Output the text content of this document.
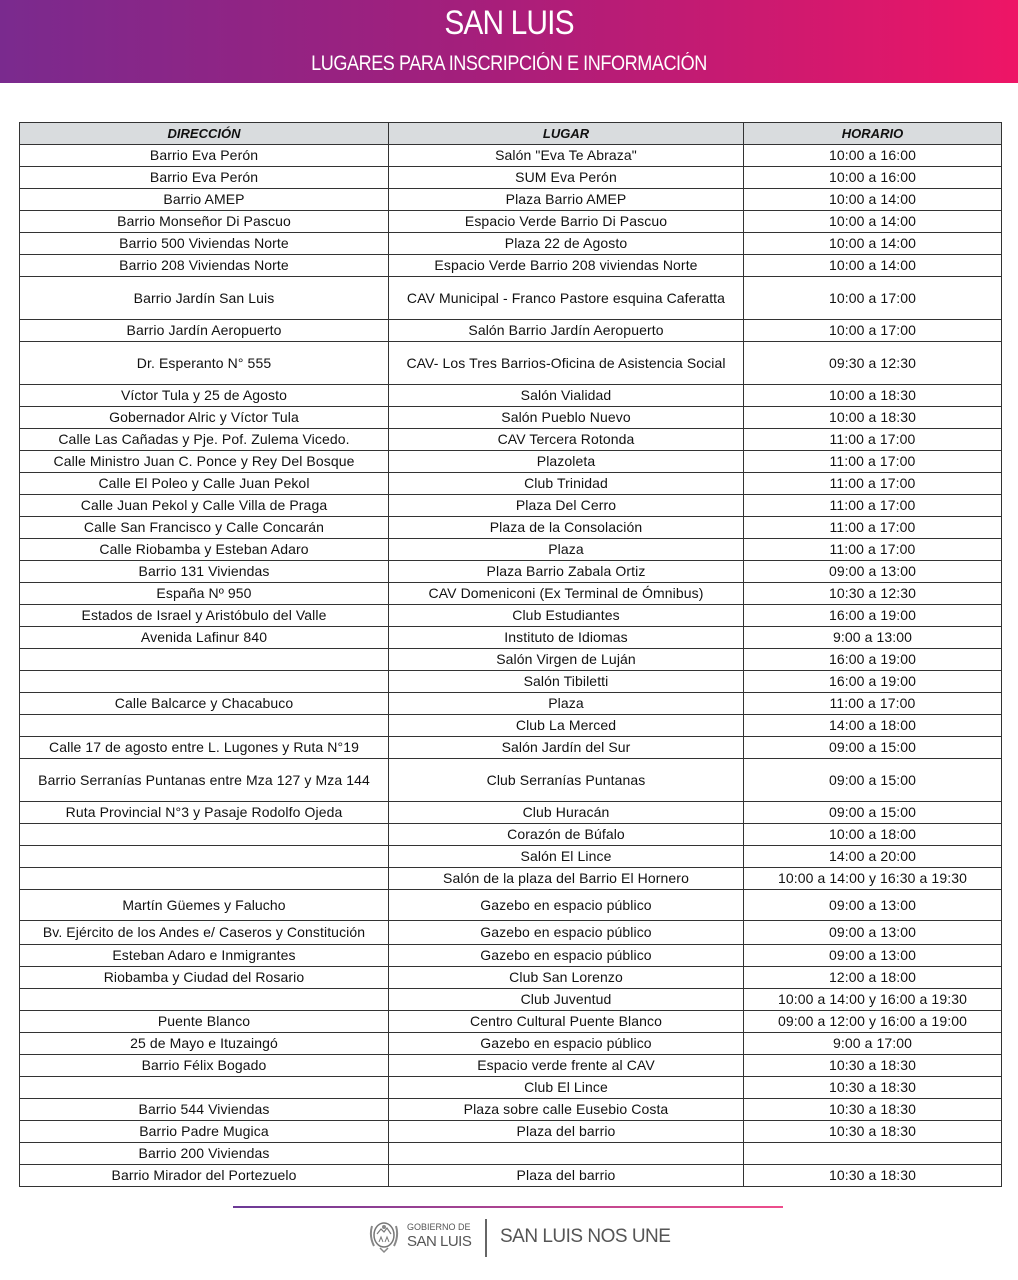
SAN LUIS
LUGARES PARA INSCRIPCIÓN E INFORMACIÓN
DIRECCIÓN	LUGAR	HORARIO
Barrio Eva Perón	Salón "Eva Te Abraza"	10:00 a 16:00
Barrio Eva Perón	SUM Eva Perón	10:00 a 16:00
Barrio AMEP	Plaza Barrio AMEP	10:00 a 14:00
Barrio Monseñor Di Pascuo	Espacio Verde Barrio Di Pascuo	10:00 a 14:00
Barrio 500 Viviendas Norte	Plaza 22 de Agosto	10:00 a 14:00
Barrio 208 Viviendas Norte	Espacio Verde Barrio 208 viviendas Norte	10:00 a 14:00
Barrio Jardín San Luis	CAV Municipal - Franco Pastore esquina Caferatta	10:00 a 17:00
Barrio Jardín Aeropuerto	Salón Barrio Jardín Aeropuerto	10:00 a 17:00
Dr. Esperanto N° 555	CAV- Los Tres Barrios-Oficina de Asistencia Social	09:30 a 12:30
Víctor Tula y 25 de Agosto	Salón Vialidad	10:00 a 18:30
Gobernador Alric y Víctor Tula	Salón Pueblo Nuevo	10:00 a 18:30
Calle Las Cañadas y Pje. Pof. Zulema Vicedo.	CAV Tercera Rotonda	11:00 a 17:00
Calle Ministro Juan C. Ponce y Rey Del Bosque	Plazoleta	11:00 a 17:00
Calle El Poleo y Calle Juan Pekol	Club Trinidad	11:00 a 17:00
Calle Juan Pekol y Calle Villa de Praga	Plaza Del Cerro	11:00 a 17:00
Calle San Francisco y Calle Concarán	Plaza de la Consolación	11:00 a 17:00
Calle Riobamba y Esteban Adaro	Plaza	11:00 a 17:00
Barrio 131 Viviendas	Plaza Barrio Zabala Ortiz	09:00 a 13:00
España Nº 950	CAV Domeniconi (Ex Terminal de Ómnibus)	10:30 a 12:30
Estados de Israel y Aristóbulo del Valle	Club Estudiantes	16:00 a 19:00
Avenida Lafinur 840	Instituto de Idiomas	9:00 a 13:00
	Salón Virgen de Luján	16:00 a 19:00
	Salón Tibiletti	16:00 a 19:00
Calle Balcarce y Chacabuco	Plaza	11:00 a 17:00
	Club La Merced	14:00 a 18:00
Calle 17 de agosto entre L. Lugones y Ruta N°19	Salón Jardín del Sur	09:00 a 15:00
Barrio Serranías Puntanas entre Mza 127 y Mza 144	Club Serranías Puntanas	09:00 a 15:00
Ruta Provincial N°3 y Pasaje Rodolfo Ojeda	Club Huracán	09:00 a 15:00
	Corazón de Búfalo	10:00 a 18:00
	Salón El Lince	14:00 a 20:00
	Salón de la plaza del Barrio El Hornero	10:00 a 14:00 y 16:30 a 19:30
Martín Güemes y Falucho	Gazebo en espacio público	09:00 a 13:00
Bv. Ejército de los Andes e/ Caseros y Constitución	Gazebo en espacio público	09:00 a 13:00
Esteban Adaro e Inmigrantes	Gazebo en espacio público	09:00 a 13:00
Riobamba y Ciudad del Rosario	Club San Lorenzo	12:00 a 18:00
	Club Juventud	10:00 a 14:00 y 16:00 a 19:30
Puente Blanco	Centro Cultural Puente Blanco	09:00 a 12:00 y 16:00 a 19:00
25 de Mayo e Ituzaingó	Gazebo en espacio público	9:00 a 17:00
Barrio Félix Bogado	Espacio verde frente al CAV	10:30 a 18:30
	Club El Lince	10:30 a 18:30
Barrio 544 Viviendas	Plaza sobre calle Eusebio Costa	10:30 a 18:30
Barrio Padre Mugica	Plaza del barrio	10:30 a 18:30
Barrio 200 Viviendas		
Barrio Mirador del Portezuelo	Plaza del barrio	10:30 a 18:30
GOBIERNO DE
SAN LUIS SAN LUIS NOS UNE
